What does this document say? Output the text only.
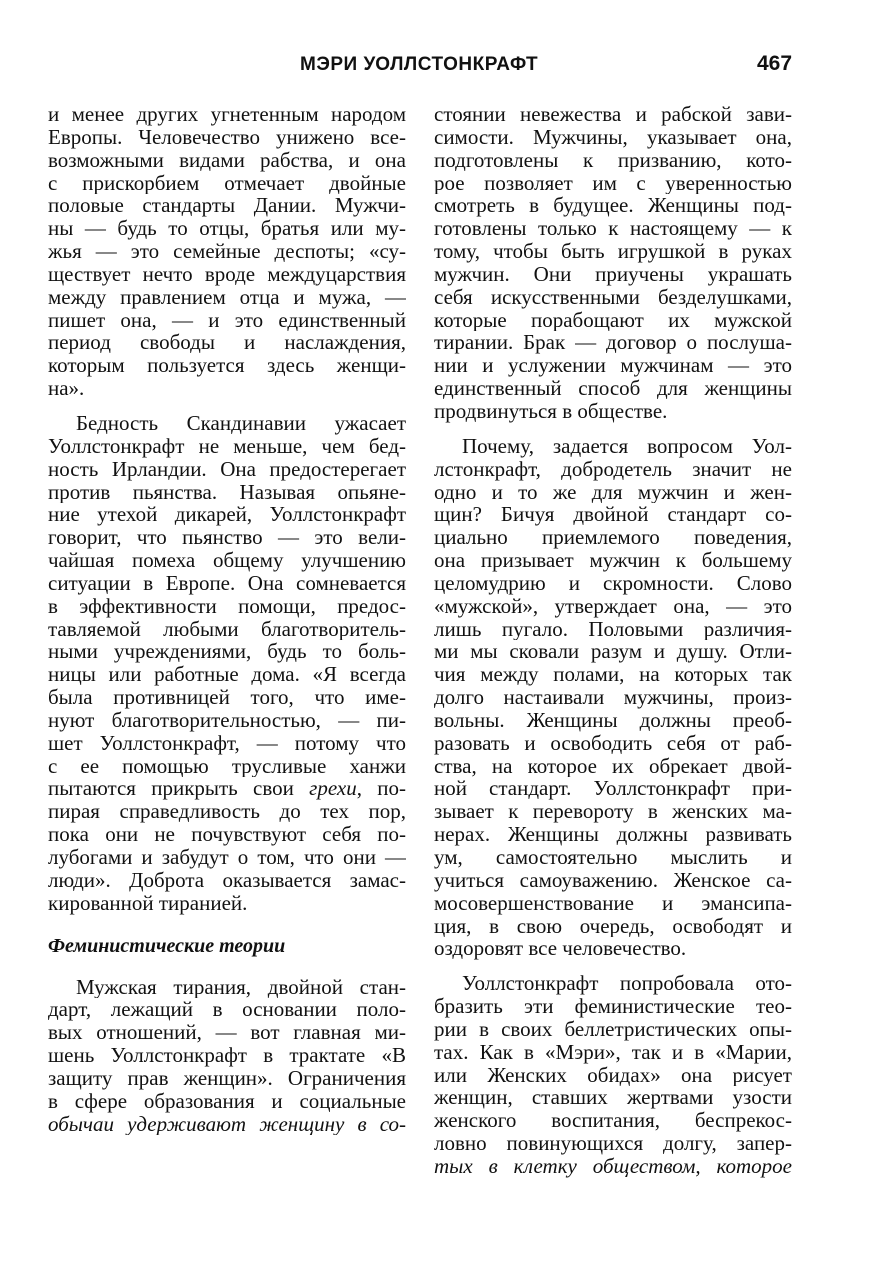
МЭРИ УОЛЛСТОНКРАФТ	467
и менее других угнетенным народом
Европы. Человечество унижено все-
возможными видами рабства, и она
с прискорбием отмечает двойные
половые стандарты Дании. Мужчи-
ны — будь то отцы, братья или му-
жья — это семейные деспоты; «су-
ществует нечто вроде междуцарствия
между правлением отца и мужа, —
пишет она, — и это единственный
период свободы и наслаждения,
которым пользуется здесь женщи-
на».
Бедность Скандинавии ужасает
Уоллстонкрафт не меньше, чем бед-
ность Ирландии. Она предостерегает
против пьянства. Называя опьяне-
ние утехой дикарей, Уоллстонкрафт
говорит, что пьянство — это вели-
чайшая помеха общему улучшению
ситуации в Европе. Она сомневается
в эффективности помощи, предос-
тавляемой любыми благотворитель-
ными учреждениями, будь то боль-
ницы или работные дома. «Я всегда
была противницей того, что име-
нуют благотворительностью, — пи-
шет Уоллстонкрафт, — потому что
с ее помощью трусливые ханжи
пытаются прикрыть свои грехи, по-
пирая справедливость до тех пор,
пока они не почувствуют себя по-
лубогами и забудут о том, что они —
люди». Доброта оказывается замас-
кированной тиранией.
Феминистические теории
Мужская тирания, двойной стан-
дарт, лежащий в основании поло-
вых отношений, — вот главная ми-
шень Уоллстонкрафт в трактате «В
защиту прав женщин». Ограничения
в сфере образования и социальные
обычаи удерживают женщину в со-
стоянии невежества и рабской зави-
симости. Мужчины, указывает она,
подготовлены к призванию, кото-
рое позволяет им с уверенностью
смотреть в будущее. Женщины под-
готовлены только к настоящему — к
тому, чтобы быть игрушкой в руках
мужчин. Они приучены украшать
себя искусственными безделушками,
которые порабощают их мужской
тирании. Брак — договор о послуша-
нии и услужении мужчинам — это
единственный способ для женщины
продвинуться в обществе.
Почему, задается вопросом Уол-
лстонкрафт, добродетель значит не
одно и то же для мужчин и жен-
щин? Бичуя двойной стандарт со-
циально приемлемого поведения,
она призывает мужчин к большему
целомудрию и скромности. Слово
«мужской», утверждает она, — это
лишь пугало. Половыми различия-
ми мы сковали разум и душу. Отли-
чия между полами, на которых так
долго настаивали мужчины, произ-
вольны. Женщины должны преоб-
разовать и освободить себя от раб-
ства, на которое их обрекает двой-
ной стандарт. Уоллстонкрафт при-
зывает к перевороту в женских ма-
нерах. Женщины должны развивать
ум, самостоятельно мыслить и
учиться самоуважению. Женское са-
мосовершенствование и эмансипа-
ция, в свою очередь, освободят и
оздоровят все человечество.
Уоллстонкрафт попробовала ото-
бразить эти феминистические тео-
рии в своих беллетристических опы-
тах. Как в «Мэри», так и в «Марии,
или Женских обидах» она рисует
женщин, ставших жертвами узости
женского воспитания, беспрекос-
ловно повинующихся долгу, запер-
тых в клетку обществом, которое
